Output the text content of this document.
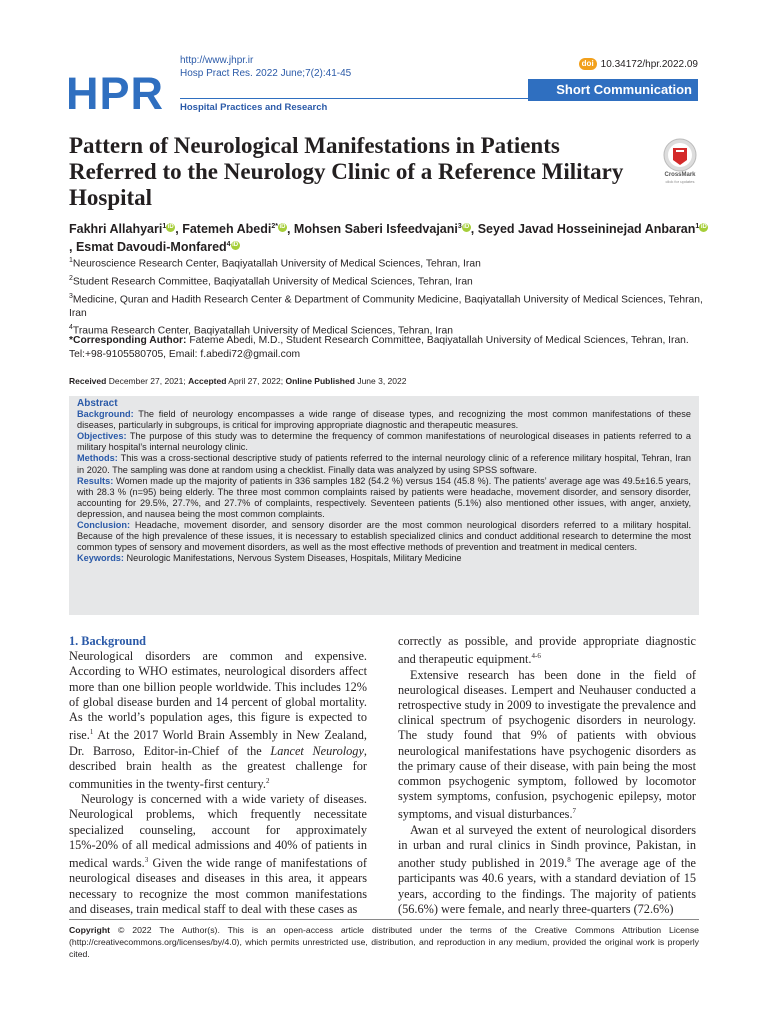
HPR
http://www.jhpr.ir
Hosp Pract Res. 2022 June;7(2):41-45
Hospital Practices and Research
doi 10.34172/hpr.2022.09
Short Communication
Pattern of Neurological Manifestations in Patients Referred to the Neurology Clinic of a Reference Military Hospital
CrossMark
click for updates
Fakhri Allahyari$^1$ iD , Fatemeh Abedi$^{2*}$ iD , Mohsen Saberi Isfeedvajani$^3$ iD , Seyed Javad Hosseininejad Anbaran$^1$ iD, Esmat Davoudi-Monfared$^4$ iD

$^1$Neuroscience Research Center, Baqiyatallah University of Medical Sciences, Tehran, Iran

$^2$Student Research Committee, Baqiyatallah University of Medical Sciences, Tehran, Iran

$^3$Medicine, Quran and Hadith Research Center & Department of Community Medicine, Baqiyatallah University of Medical Sciences, Tehran, Iran

$^4$Trauma Research Center, Baqiyatallah University of Medical Sciences, Tehran, Iran

*Corresponding Author: Fateme Abedi, M.D., Student Research Committee, Baqiyatallah University of Medical Sciences, Tehran, Iran. Tel:+98-9105580705, Email: f.abedi72@gmail.com
Received December 27, 2021; Accepted April 27, 2022; Online Published June 3, 2022
Abstract

Background: The field of neurology encompasses a wide range of disease types, and recognizing the most common manifestations of these diseases, particularly in subgroups, is critical for improving appropriate diagnostic and therapeutic measures.

Objectives: The purpose of this study was to determine the frequency of common manifestations of neurological diseases in patients referred to a military hospital’s internal neurology clinic.

Methods: This was a cross-sectional descriptive study of patients referred to the internal neurology clinic of a reference military hospital, Tehran, Iran in 2020. The sampling was done at random using a checklist. Finally data was analyzed by using SPSS software.

Results: Women made up the majority of patients in 336 samples 182 (54.2 %) versus 154 (45.8 %). The patients’ average age was 49.5±16.5 years, with 28.3 % (n=95) being elderly. The three most common complaints raised by patients were headache, movement disorder, and sensory disorder, accounting for 29.5%, 27.7%, and 27.7% of complaints, respectively. Seventeen patients (5.1%) also mentioned other issues, with anger, anxiety, depression, and nausea being the most common complaints.

Conclusion: Headache, movement disorder, and sensory disorder are the most common neurological disorders referred to a military hospital. Because of the high prevalence of these issues, it is necessary to establish specialized clinics and conduct additional research to determine the most common types of sensory and movement disorders, as well as the most effective methods of prevention and treatment in medical centers.

Keywords: Neurologic Manifestations, Nervous System Diseases, Hospitals, Military Medicine

1. Background

Neurological disorders are common and expensive. According to WHO estimates, neurological disorders affect more than one billion people worldwide. This includes 12% of global disease burden and 14 percent of global mortality. As the world’s population ages, this figure is expected to rise.$^1$ At the 2017 World Brain Assembly in New Zealand, Dr. Barroso, Editor-in-Chief of the Lancet Neurology, described brain health as the greatest challenge for communities in the twenty-first century.$^2$

Neurology is concerned with a wide variety of diseases. Neurological problems, which frequently necessitate specialized counseling, account for approximately 15%-20% of all medical admissions and 40% of patients in medical wards.$^3$ Given the wide range of manifestations of neurological diseases and diseases in this area, it appears necessary to recognize the most common manifestations and diseases, train medical staff to deal with these cases as

correctly as possible, and provide appropriate diagnostic and therapeutic equipment.$^{4-6}$

Extensive research has been done in the field of neurological diseases. Lempert and Neuhauser conducted a retrospective study in 2009 to investigate the prevalence and clinical spectrum of psychogenic disorders in neurology. The study found that 9% of patients with obvious neurological manifestations have psychogenic disorders as the primary cause of their disease, with pain being the most common psychogenic symptom, followed by locomotor system symptoms, confusion, psychogenic epilepsy, motor symptoms, and visual disturbances.$^7$

Awan et al surveyed the extent of neurological disorders in urban and rural clinics in Sindh province, Pakistan, in another study published in 2019.$^8$ The average age of the participants was 40.6 years, with a standard deviation of 15 years, according to the findings. The majority of patients (56.6%) were female, and nearly three-quarters (72.6%)

Copyright © 2022 The Author(s). This is an open-access article distributed under the terms of the Creative Commons Attribution License (http://creativecommons.org/licenses/by/4.0), which permits unrestricted use, distribution, and reproduction in any medium, provided the original work is properly cited.
